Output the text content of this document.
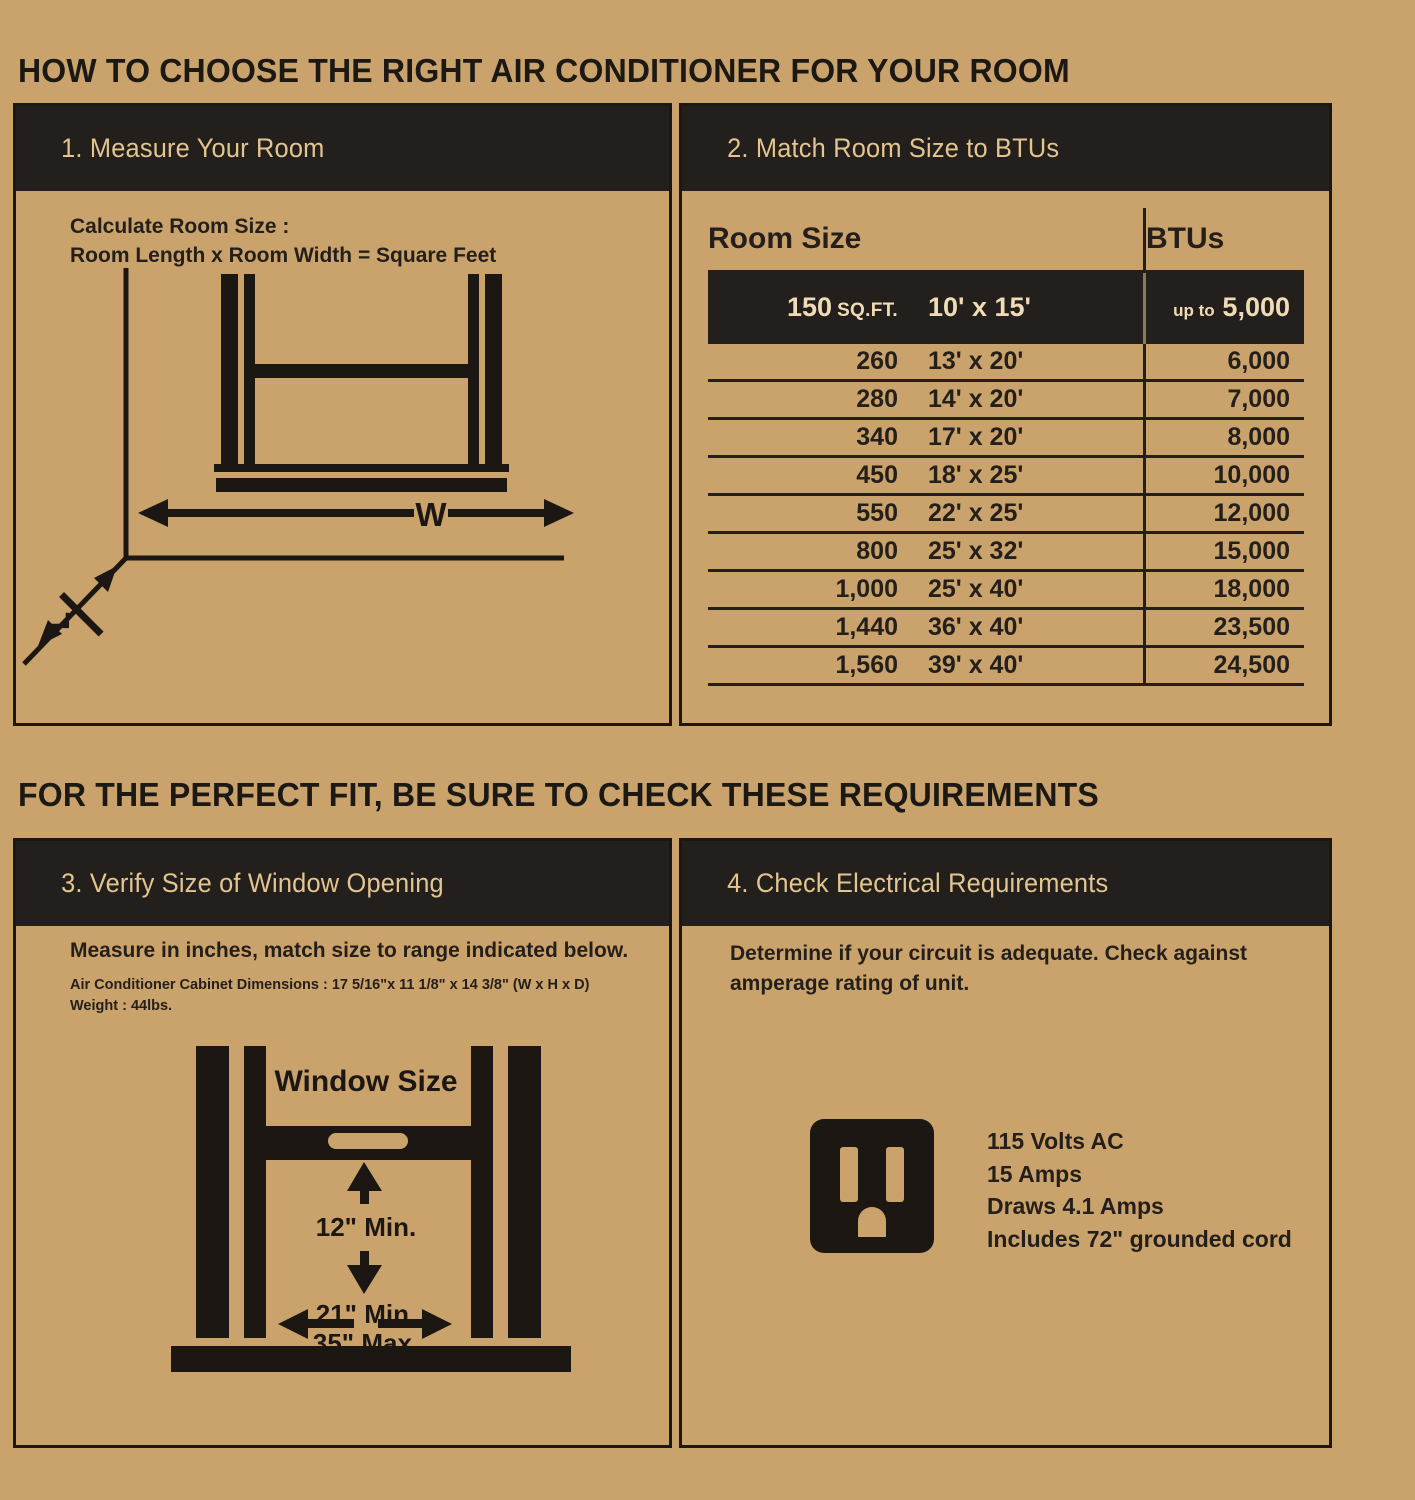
HOW TO CHOOSE THE RIGHT AIR CONDITIONER FOR YOUR ROOM
1. Measure Your Room
Calculate Room Size :
Room Length x Room Width = Square Feet
W
L
2. Match Room Size to BTUs
Room Size		BTUs
150 SQ.FT.	10' x 15'	up to 5,000
260	13' x 20'	6,000
280	14' x 20'	7,000
340	17' x 20'	8,000
450	18' x 25'	10,000
550	22' x 25'	12,000
800	25' x 32'	15,000
1,000	25' x 40'	18,000
1,440	36' x 40'	23,500
1,560	39' x 40'	24,500
FOR THE PERFECT FIT, BE SURE TO CHECK THESE REQUIREMENTS
3. Verify Size of Window Opening
Measure in inches, match size to range indicated below.
Air Conditioner Cabinet Dimensions : 17 5/16"x 11 1/8" x 14 3/8" (W x H x D)
Weight : 44lbs.
Window Size
12" Min.
21" Min.
35" Max.
4. Check Electrical Requirements
Determine if your circuit is adequate. Check against
amperage rating of unit.
115 Volts AC
15 Amps
Draws 4.1 Amps
Includes 72" grounded cord
